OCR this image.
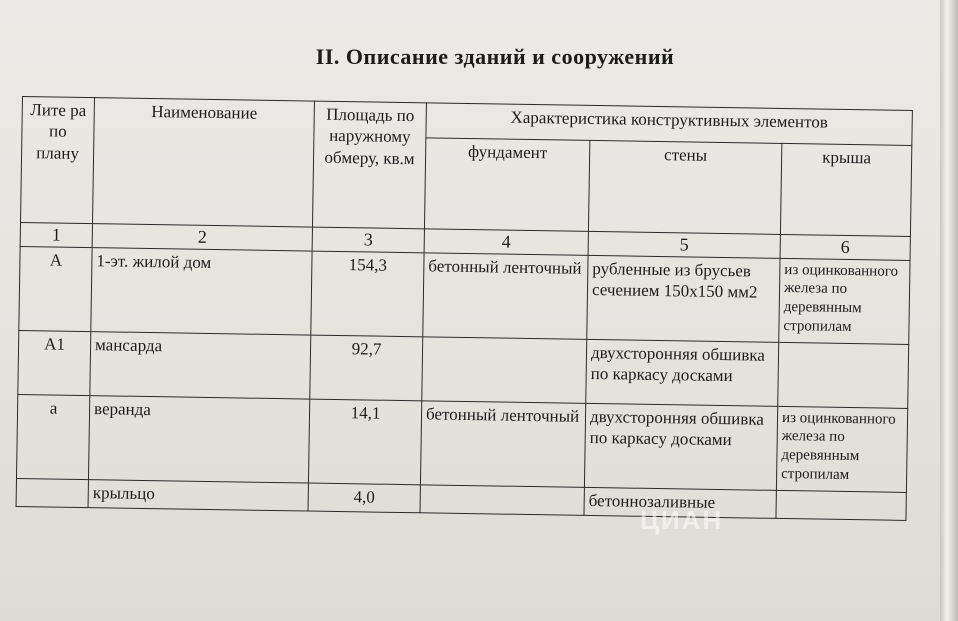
II. Описание зданий и сооружений
Лите ра по плану	Наименование	Площадь по наружному обмеру, кв.м	Характеристика конструктивных элементов		
			фундамент	стены	крыша
1	2	3	4	5	6
А	1-эт. жилой дом	154,3	бетонный ленточный	рубленные из брусьев сечением 150х150 мм2	из оцинкованного железа по деревянным стропилам
А1	мансарда	92,7		двухсторонняя обшивка по каркасу досками	
а	веранда	14,1	бетонный ленточный	двухсторонняя обшивка по каркасу досками	из оцинкованного железа по деревянным стропилам
	крыльцо	4,0		бетоннозаливные	
ЦИАН
